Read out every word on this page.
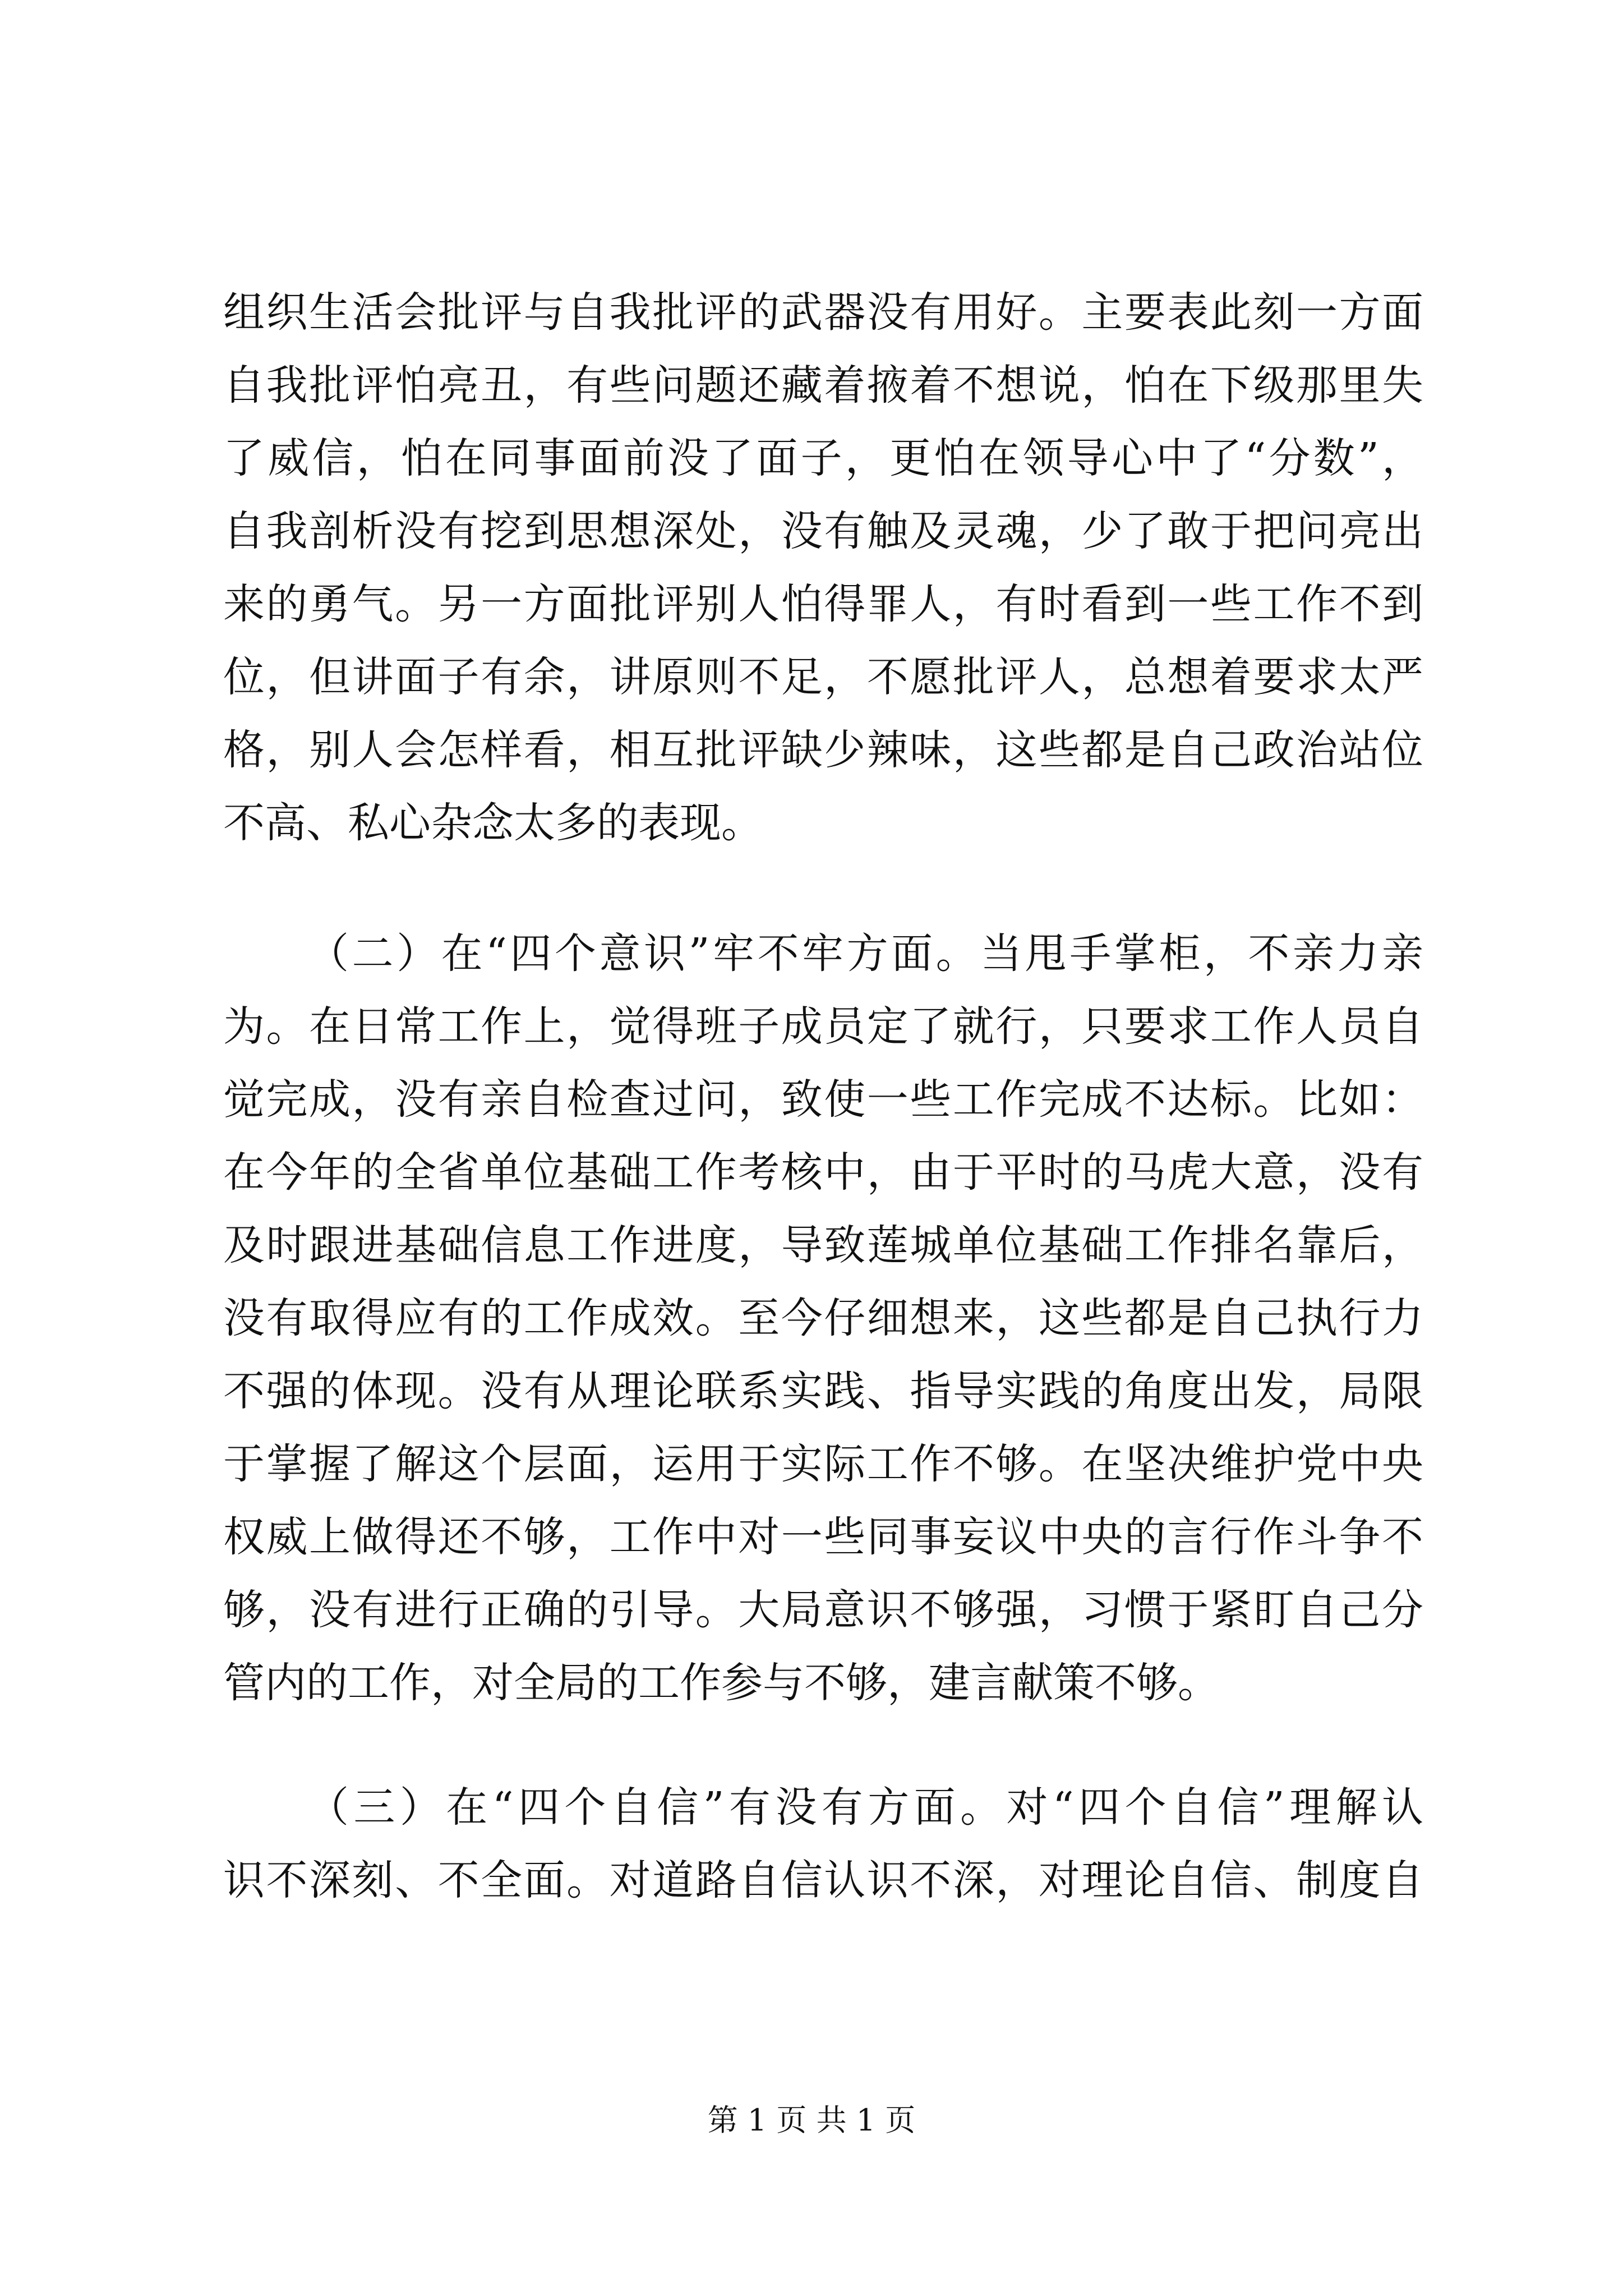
组织生活会批评与自我批评的武器没有用好。主要表此刻一方面
自我批评怕亮丑，有些问题还藏着掖着不想说，怕在下级那里失
了威信，怕在同事面前没了面子，更怕在领导心中了“分数”，
自我剖析没有挖到思想深处，没有触及灵魂，少了敢于把问亮出
来的勇气。另一方面批评别人怕得罪人，有时看到一些工作不到
位，但讲面子有余，讲原则不足，不愿批评人，总想着要求太严
格，别人会怎样看，相互批评缺少辣味，这些都是自己政治站位
不高、私心杂念太多的表现。
（二）在“四个意识”牢不牢方面。当甩手掌柜，不亲力亲
为。在日常工作上，觉得班子成员定了就行，只要求工作人员自
觉完成，没有亲自检查过问，致使一些工作完成不达标。比如：
在今年的全省单位基础工作考核中，由于平时的马虎大意，没有
及时跟进基础信息工作进度，导致莲城单位基础工作排名靠后，
没有取得应有的工作成效。至今仔细想来，这些都是自己执行力
不强的体现。没有从理论联系实践、指导实践的角度出发，局限
于掌握了解这个层面，运用于实际工作不够。在坚决维护党中央
权威上做得还不够，工作中对一些同事妄议中央的言行作斗争不
够，没有进行正确的引导。大局意识不够强，习惯于紧盯自己分
管内的工作，对全局的工作参与不够，建言献策不够。
（三）在“四个自信”有没有方面。对“四个自信”理解认
识不深刻、不全面。对道路自信认识不深，对理论自信、制度自
第 1 页 共 1 页
